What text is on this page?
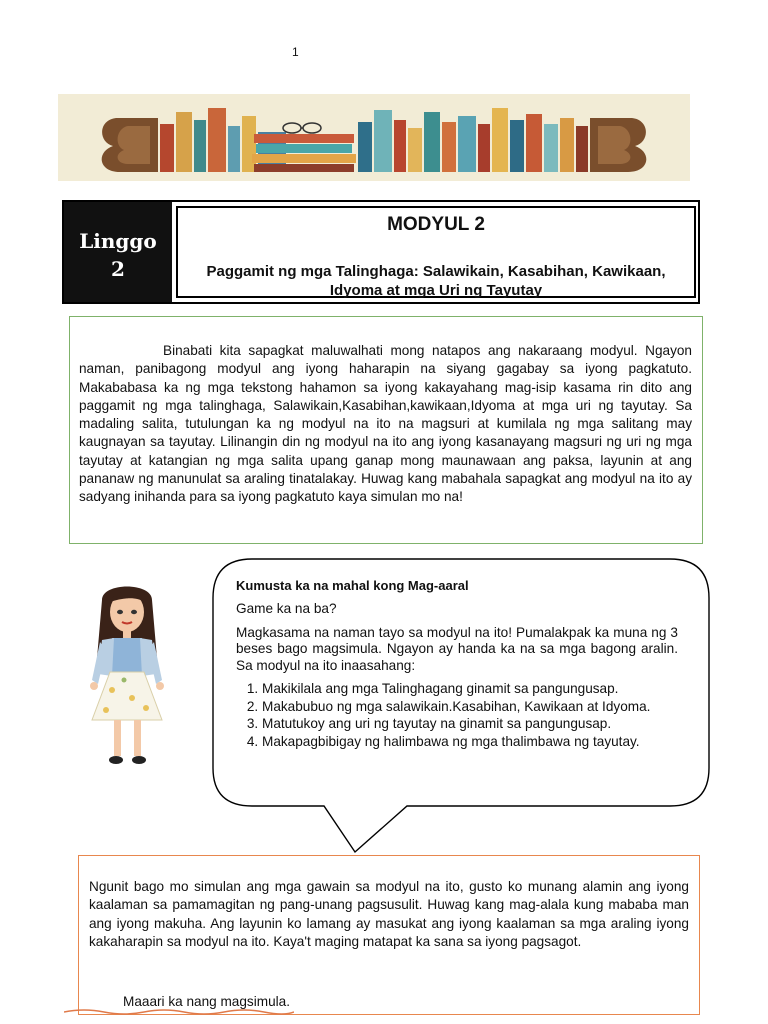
1
Linggo
2
MODYUL 2
Paggamit ng mga Talinghaga: Salawikain, Kasabihan, Kawikaan, Idyoma at mga Uri ng Tayutay

Binabati kita sapagkat maluwalhati mong natapos ang nakaraang modyul. Ngayon naman, panibagong modyul ang iyong haharapin na siyang gagabay sa iyong pagkatuto. Makababasa ka ng mga tekstong hahamon sa iyong kakayahang mag-isip kasama rin dito ang paggamit ng mga talinghaga, Salawikain,Kasabihan,kawikaan,Idyoma at mga uri ng tayutay. Sa madaling salita, tutulungan ka ng modyul na ito na magsuri at kumilala ng mga salitang may kaugnayan sa tayutay. Lilinangin din ng modyul na ito ang iyong kasanayang magsuri ng uri ng mga tayutay at katangian ng mga salita upang ganap mong maunawaan ang paksa, layunin at ang pananaw ng manunulat sa araling tinatalakay. Huwag kang mabahala sapagkat ang modyul na ito ay sadyang inihanda para sa iyong pagkatuto kaya simulan mo na!

Kumusta ka na mahal kong Mag-aaral

Game ka na ba?

Magkasama na naman tayo sa modyul na ito! Pumalakpak ka muna ng 3 beses bago magsimula. Ngayon ay handa ka na sa mga bagong aralin. Sa modyul na ito inaasahang:

1. Makikilala ang mga Talinghagang ginamit sa pangungusap.
2. Makabubuo ng mga salawikain.Kasabihan, Kawikaan at Idyoma.
3. Matutukoy ang uri ng tayutay na ginamit sa pangungusap.
4. Makapagbibigay ng halimbawa ng mga thalimbawa ng tayutay.

Ngunit bago mo simulan ang mga gawain sa modyul na ito, gusto ko munang alamin ang iyong kaalaman sa pamamagitan ng pang-unang pagsusulit. Huwag kang mag-alala kung mababa man ang iyong makuha. Ang layunin ko lamang ay masukat ang iyong kaalaman sa mga araling iyong kakaharapin sa modyul na ito. Kaya't maging matapat ka sana sa iyong pagsagot.

Maaari ka nang magsimula.
